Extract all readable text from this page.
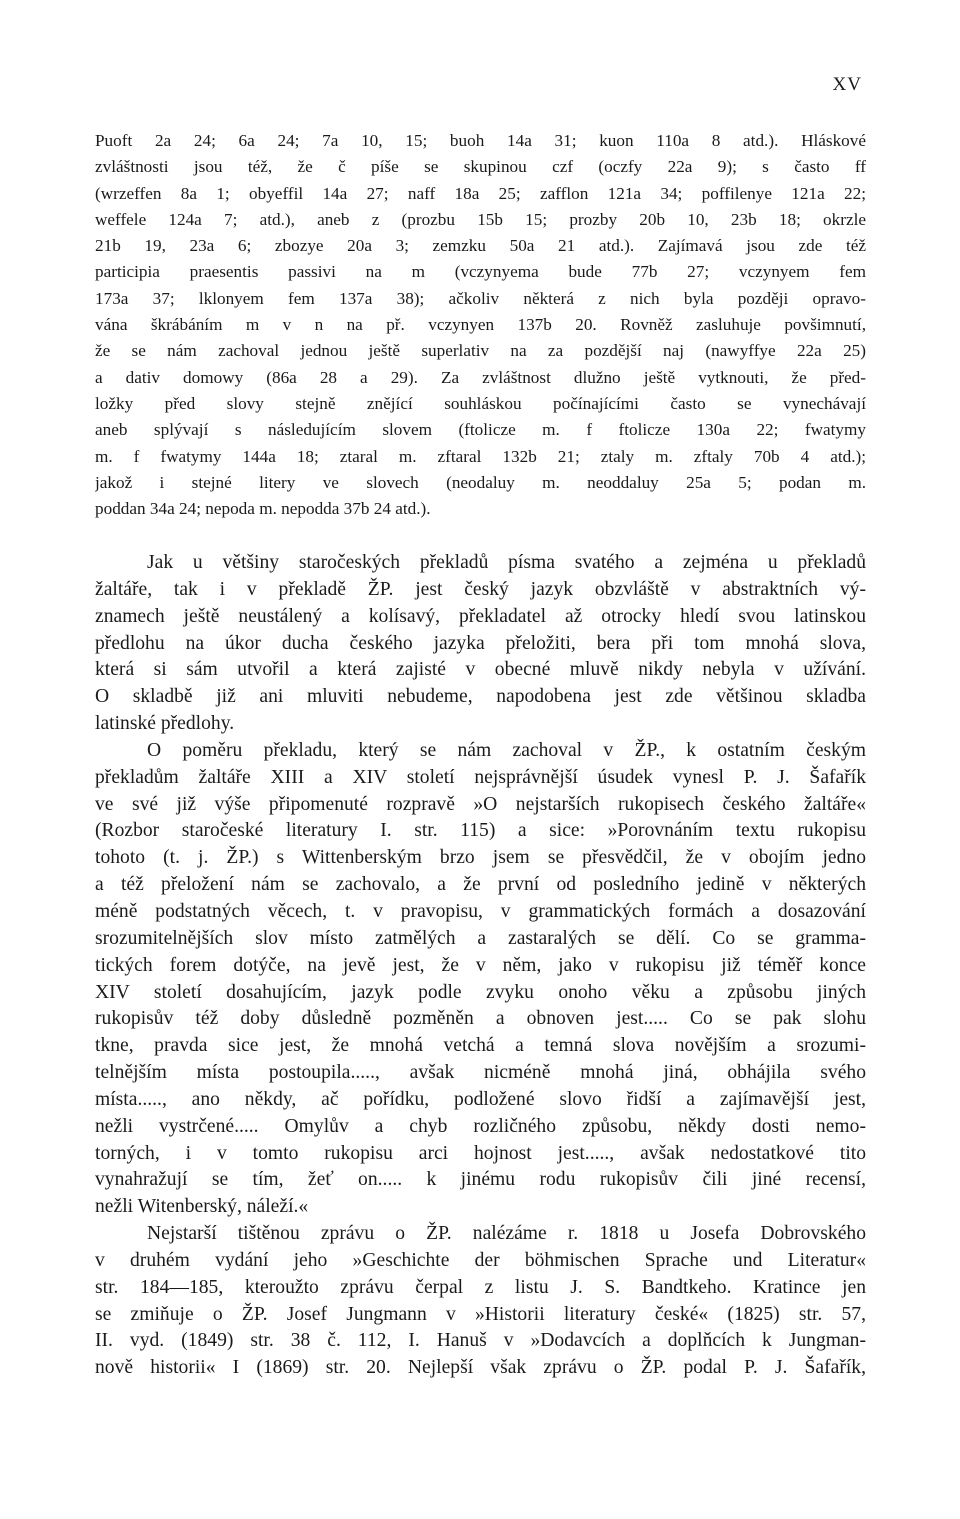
XV
Puoft 2a 24; 6a 24; 7a 10, 15; buoh 14a 31; kuon 110a 8 atd.). Hláskové
zvláštnosti jsou též, že č píše se skupinou czf (oczfy 22a 9); s často ff
(wrzeffen 8a 1; obyeffil 14a 27; naff 18a 25; zafflon 121a 34; poffilenye 121a 22;
weffele 124a 7; atd.), aneb z (prozbu 15b 15; prozby 20b 10, 23b 18; okrzle
21b 19, 23a 6; zbozye 20a 3; zemzku 50a 21 atd.). Zajímavá jsou zde též
participia praesentis passivi na m (vczynyema bude 77b 27; vczynyem fem
173a 37; lklonyem fem 137a 38); ačkoliv některá z nich byla později opravo-
vána škrábáním m v n na př. vczynyen 137b 20. Rovněž zasluhuje povšimnutí,
že se nám zachoval jednou ještě superlativ na za pozdější naj (nawyffye 22a 25)
a dativ domowy (86a 28 a 29). Za zvláštnost dlužno ještě vytknouti, že před-
ložky před slovy stejně znějící souhláskou počínajícími často se vynechávají
aneb splývají s následujícím slovem (ftolicze m. f ftolicze 130a 22; fwatymy
m. f fwatymy 144a 18; ztaral m. zftaral 132b 21; ztaly m. zftaly 70b 4 atd.);
jakož i stejné litery ve slovech (neodaluy m. neoddaluy 25a 5; podan m.
poddan 34a 24; nepoda m. nepodda 37b 24 atd.).
Jak u většiny staročeských překladů písma svatého a zejména u překladů
žaltáře, tak i v překladě ŽP. jest český jazyk obzvláště v abstraktních vý-
znamech ještě neustálený a kolísavý, překladatel až otrocky hledí svou latinskou
předlohu na úkor ducha českého jazyka přeložiti, bera při tom mnohá slova,
která si sám utvořil a která zajisté v obecné mluvě nikdy nebyla v užívání.
O skladbě již ani mluviti nebudeme, napodobena jest zde většinou skladba
latinské předlohy.
O poměru překladu, který se nám zachoval v ŽP., k ostatním českým
překladům žaltáře XIII a XIV století nejsprávnější úsudek vynesl P. J. Šafařík
ve své již výše připomenuté rozpravě »O nejstarších rukopisech českého žaltáře«
(Rozbor staročeské literatury I. str. 115) a sice: »Porovnáním textu rukopisu
tohoto (t. j. ŽP.) s Wittenberským brzo jsem se přesvědčil, že v obojím jedno
a též přeložení nám se zachovalo, a že první od posledního jedině v některých
méně podstatných věcech, t. v pravopisu, v grammatických formách a dosazování
srozumitelnějších slov místo zatmělých a zastaralých se dělí. Co se gramma-
tických forem dotýče, na jevě jest, že v něm, jako v rukopisu již téměř konce
XIV století dosahujícím, jazyk podle zvyku onoho věku a způsobu jiných
rukopisův též doby důsledně pozměněn a obnoven jest..... Co se pak slohu
tkne, pravda sice jest, že mnohá vetchá a temná slova novějším a srozumi-
telnějším místa postoupila....., avšak nicméně mnohá jiná, obhájila svého
místa....., ano někdy, ač pořídku, podložené slovo řidší a zajímavější jest,
nežli vystrčené..... Omylův a chyb rozličného způsobu, někdy dosti nemo-
torných, i v tomto rukopisu arci hojnost jest....., avšak nedostatkové tito
vynahražují se tím, žeť on..... k jinému rodu rukopisův čili jiné recensí,
nežli Witenberský, náleží.«
Nejstarší tištěnou zprávu o ŽP. nalézáme r. 1818 u Josefa Dobrovského
v druhém vydání jeho »Geschichte der böhmischen Sprache und Literatur«
str. 184—185, kteroužto zprávu čerpal z listu J. S. Bandtkeho. Kratince jen
se zmiňuje o ŽP. Josef Jungmann v »Historii literatury české« (1825) str. 57,
II. vyd. (1849) str. 38 č. 112, I. Hanuš v »Dodavcích a doplňcích k Jungman-
nově historii« I (1869) str. 20. Nejlepší však zprávu o ŽP. podal P. J. Šafařík,
